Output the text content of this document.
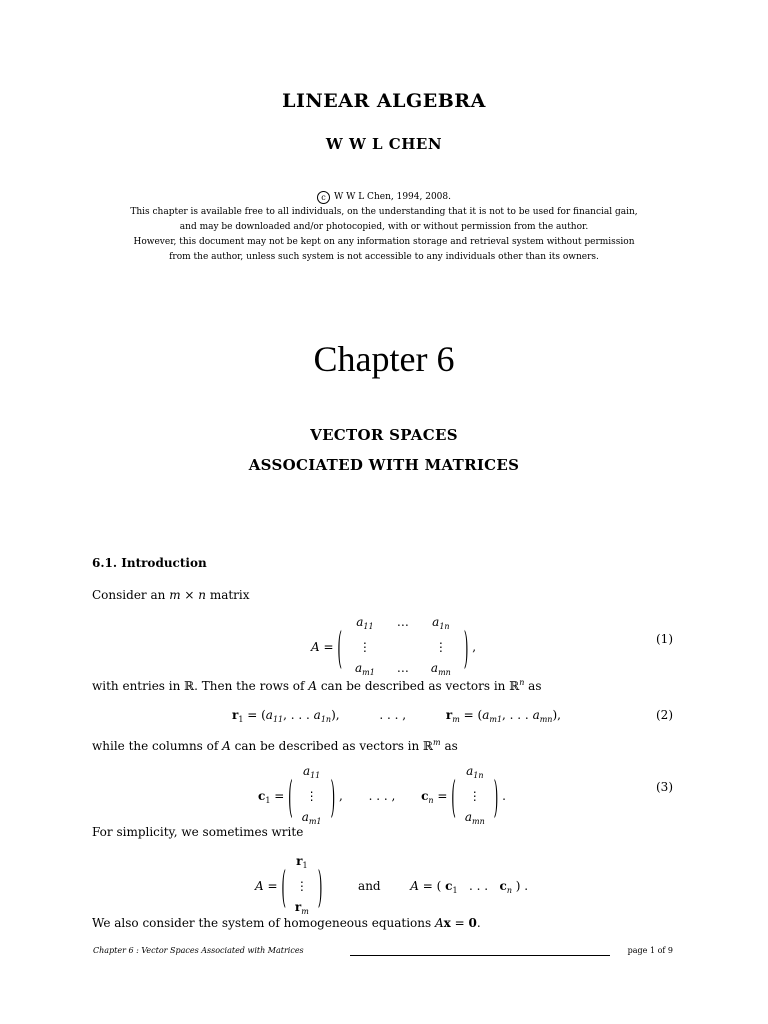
LINEAR ALGEBRA
W W L CHEN
c W W L Chen, 1994, 2008.
This chapter is available free to all individuals, on the understanding that it is not to be used for financial gain,
and may be downloaded and/or photocopied, with or without permission from the author.
However, this document may not be kept on any information storage and retrieval system without permission
from the author, unless such system is not accessible to any individuals other than its owners.
Chapter 6
VECTOR SPACES
ASSOCIATED WITH MATRICES
6.1. Introduction
Consider an m × n matrix
A = (
$a_{11}$ … $a_{1n}$
⋮	⋮
$a_{m1}$ … $a_{mn}$	) ,
(1)
with entries in ℝ. Then the rows of A can be described as vectors in ℝ$^n$ as
$r_1 = (a_{11}$, . . . $a_{1n}$),	. . . ,	$r_m = (a_{m1}$, . . . $a_{mn}$),	(2)
while the columns of A can be described as vectors in ℝ$^m$ as
$c_1$ = (
$a_{11}$
⋮
$a_{m1}$ ) , . . . , $c_n$ = (
$a_{1n}$
⋮
$a_{mn}$ ) .
(3)
For simplicity, we sometimes write
A = (
$r_1$
⋮
$r_m$ )	and A = ( $c_1$   . . .   $c_n$ ) .
We also consider the system of homogeneous equations Ax = 0.
Chapter 6 : Vector Spaces Associated with Matrices	page 1 of 9
